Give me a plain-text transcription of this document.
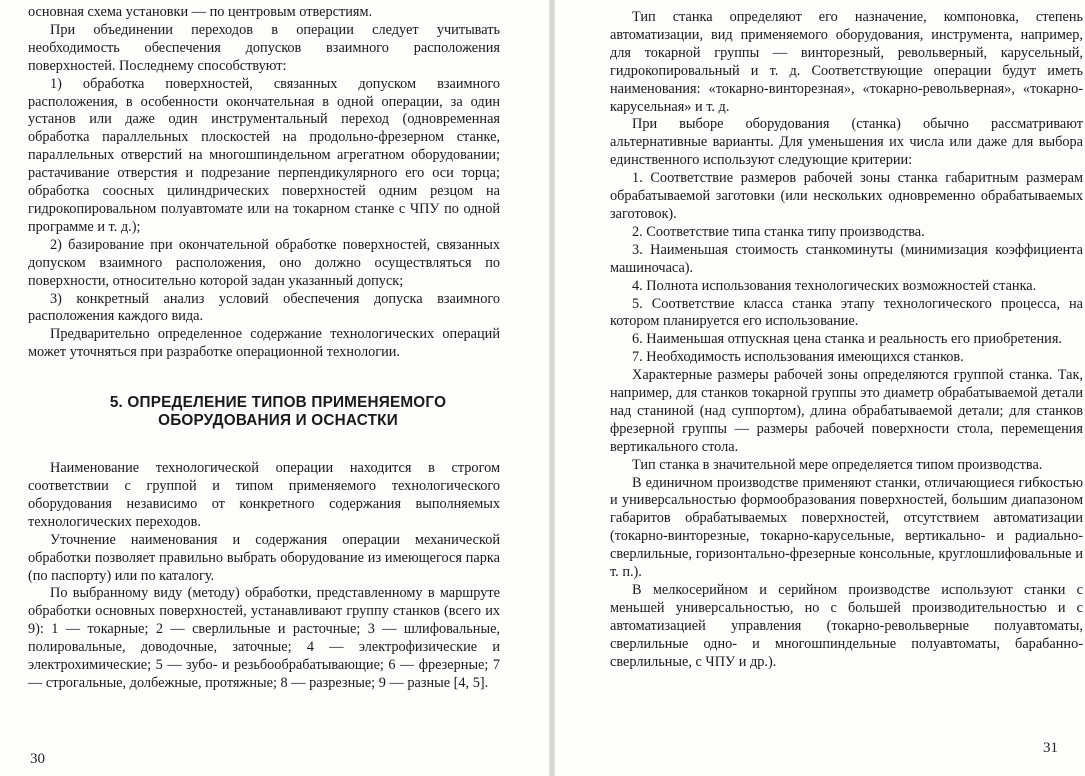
основная схема установки — по центровым отверстиям.

При объединении переходов в операции следует учитывать необходимость обеспечения допусков взаимного расположения поверхностей. Последнему способствуют:

1) обработка поверхностей, связанных допуском взаимного расположения, в особенности окончательная в одной операции, за один установ или даже один инструментальный переход (одновременная обработка параллельных плоскостей на продольно-фрезерном станке, параллельных отверстий на многошпиндельном агрегатном оборудовании; растачивание отверстия и подрезание перпендикулярного его оси торца; обработка соосных цилиндрических поверхностей одним резцом на гидрокопировальном полуавтомате или на токарном станке с ЧПУ по одной программе и т. д.);

2) базирование при окончательной обработке поверхностей, связанных допуском взаимного расположения, оно должно осуществляться по поверхности, относительно которой задан указанный допуск;

3) конкретный анализ условий обеспечения допуска взаимного расположения каждого вида.

Предварительно определенное содержание технологических операций может уточняться при разработке операционной технологии.

5. ОПРЕДЕЛЕНИЕ ТИПОВ ПРИМЕНЯЕМОГО
ОБОРУДОВАНИЯ И ОСНАСТКИ

Наименование технологической операции находится в строгом соответствии с группой и типом применяемого технологического оборудования независимо от конкретного содержания выполняемых технологических переходов.

Уточнение наименования и содержания операции механической обработки позволяет правильно выбрать оборудование из имеющегося парка (по паспорту) или по каталогу.

По выбранному виду (методу) обработки, представленному в маршруте обработки основных поверхностей, устанавливают группу станков (всего их 9): 1 — токарные; 2 — сверлильные и расточные; 3 — шлифовальные, полировальные, доводочные, заточные; 4 — электрофизические и электрохимические; 5 — зубо- и резьбообрабатывающие; 6 — фрезерные; 7 — строгальные, долбежные, протяжные; 8 — разрезные; 9 — разные [4, 5].

30

Тип станка определяют его назначение, компоновка, степень автоматизации, вид применяемого оборудования, инструмента, например, для токарной группы — винторезный, револьверный, карусельный, гидрокопировальный и т. д. Соответствующие операции будут иметь наименования: «токарно-винторезная», «токарно-револьверная», «токарно-карусельная» и т. д.

При выборе оборудования (станка) обычно рассматривают альтернативные варианты. Для уменьшения их числа или даже для выбора единственного используют следующие критерии:

1. Соответствие размеров рабочей зоны станка габаритным размерам обрабатываемой заготовки (или нескольких одновременно обрабатываемых заготовок).

2. Соответствие типа станка типу производства.

3. Наименьшая стоимость станкоминуты (минимизация коэффициента машиночаса).

4. Полнота использования технологических возможностей станка.

5. Соответствие класса станка этапу технологического процесса, на котором планируется его использование.

6. Наименьшая отпускная цена станка и реальность его приобретения.

7. Необходимость использования имеющихся станков.

Характерные размеры рабочей зоны определяются группой станка. Так, например, для станков токарной группы это диаметр обрабатываемой детали над станиной (над суппортом), длина обрабатываемой детали; для станков фрезерной группы — размеры рабочей поверхности стола, перемещения вертикального стола.

Тип станка в значительной мере определяется типом производства.

В единичном производстве применяют станки, отличающиеся гибкостью и универсальностью формообразования поверхностей, большим диапазоном габаритов обрабатываемых поверхностей, отсутствием автоматизации (токарно-винторезные, токарно-карусельные, вертикально- и радиально-сверлильные, горизонтально-фрезерные консольные, круглошлифовальные и т. п.).

В мелкосерийном и серийном производстве используют станки с меньшей универсальностью, но с большей производительностью и с автоматизацией управления (токарно-револьверные полуавтоматы, сверлильные одно- и многошпиндельные полуавтоматы, барабанно-сверлильные, с ЧПУ и др.).

31
